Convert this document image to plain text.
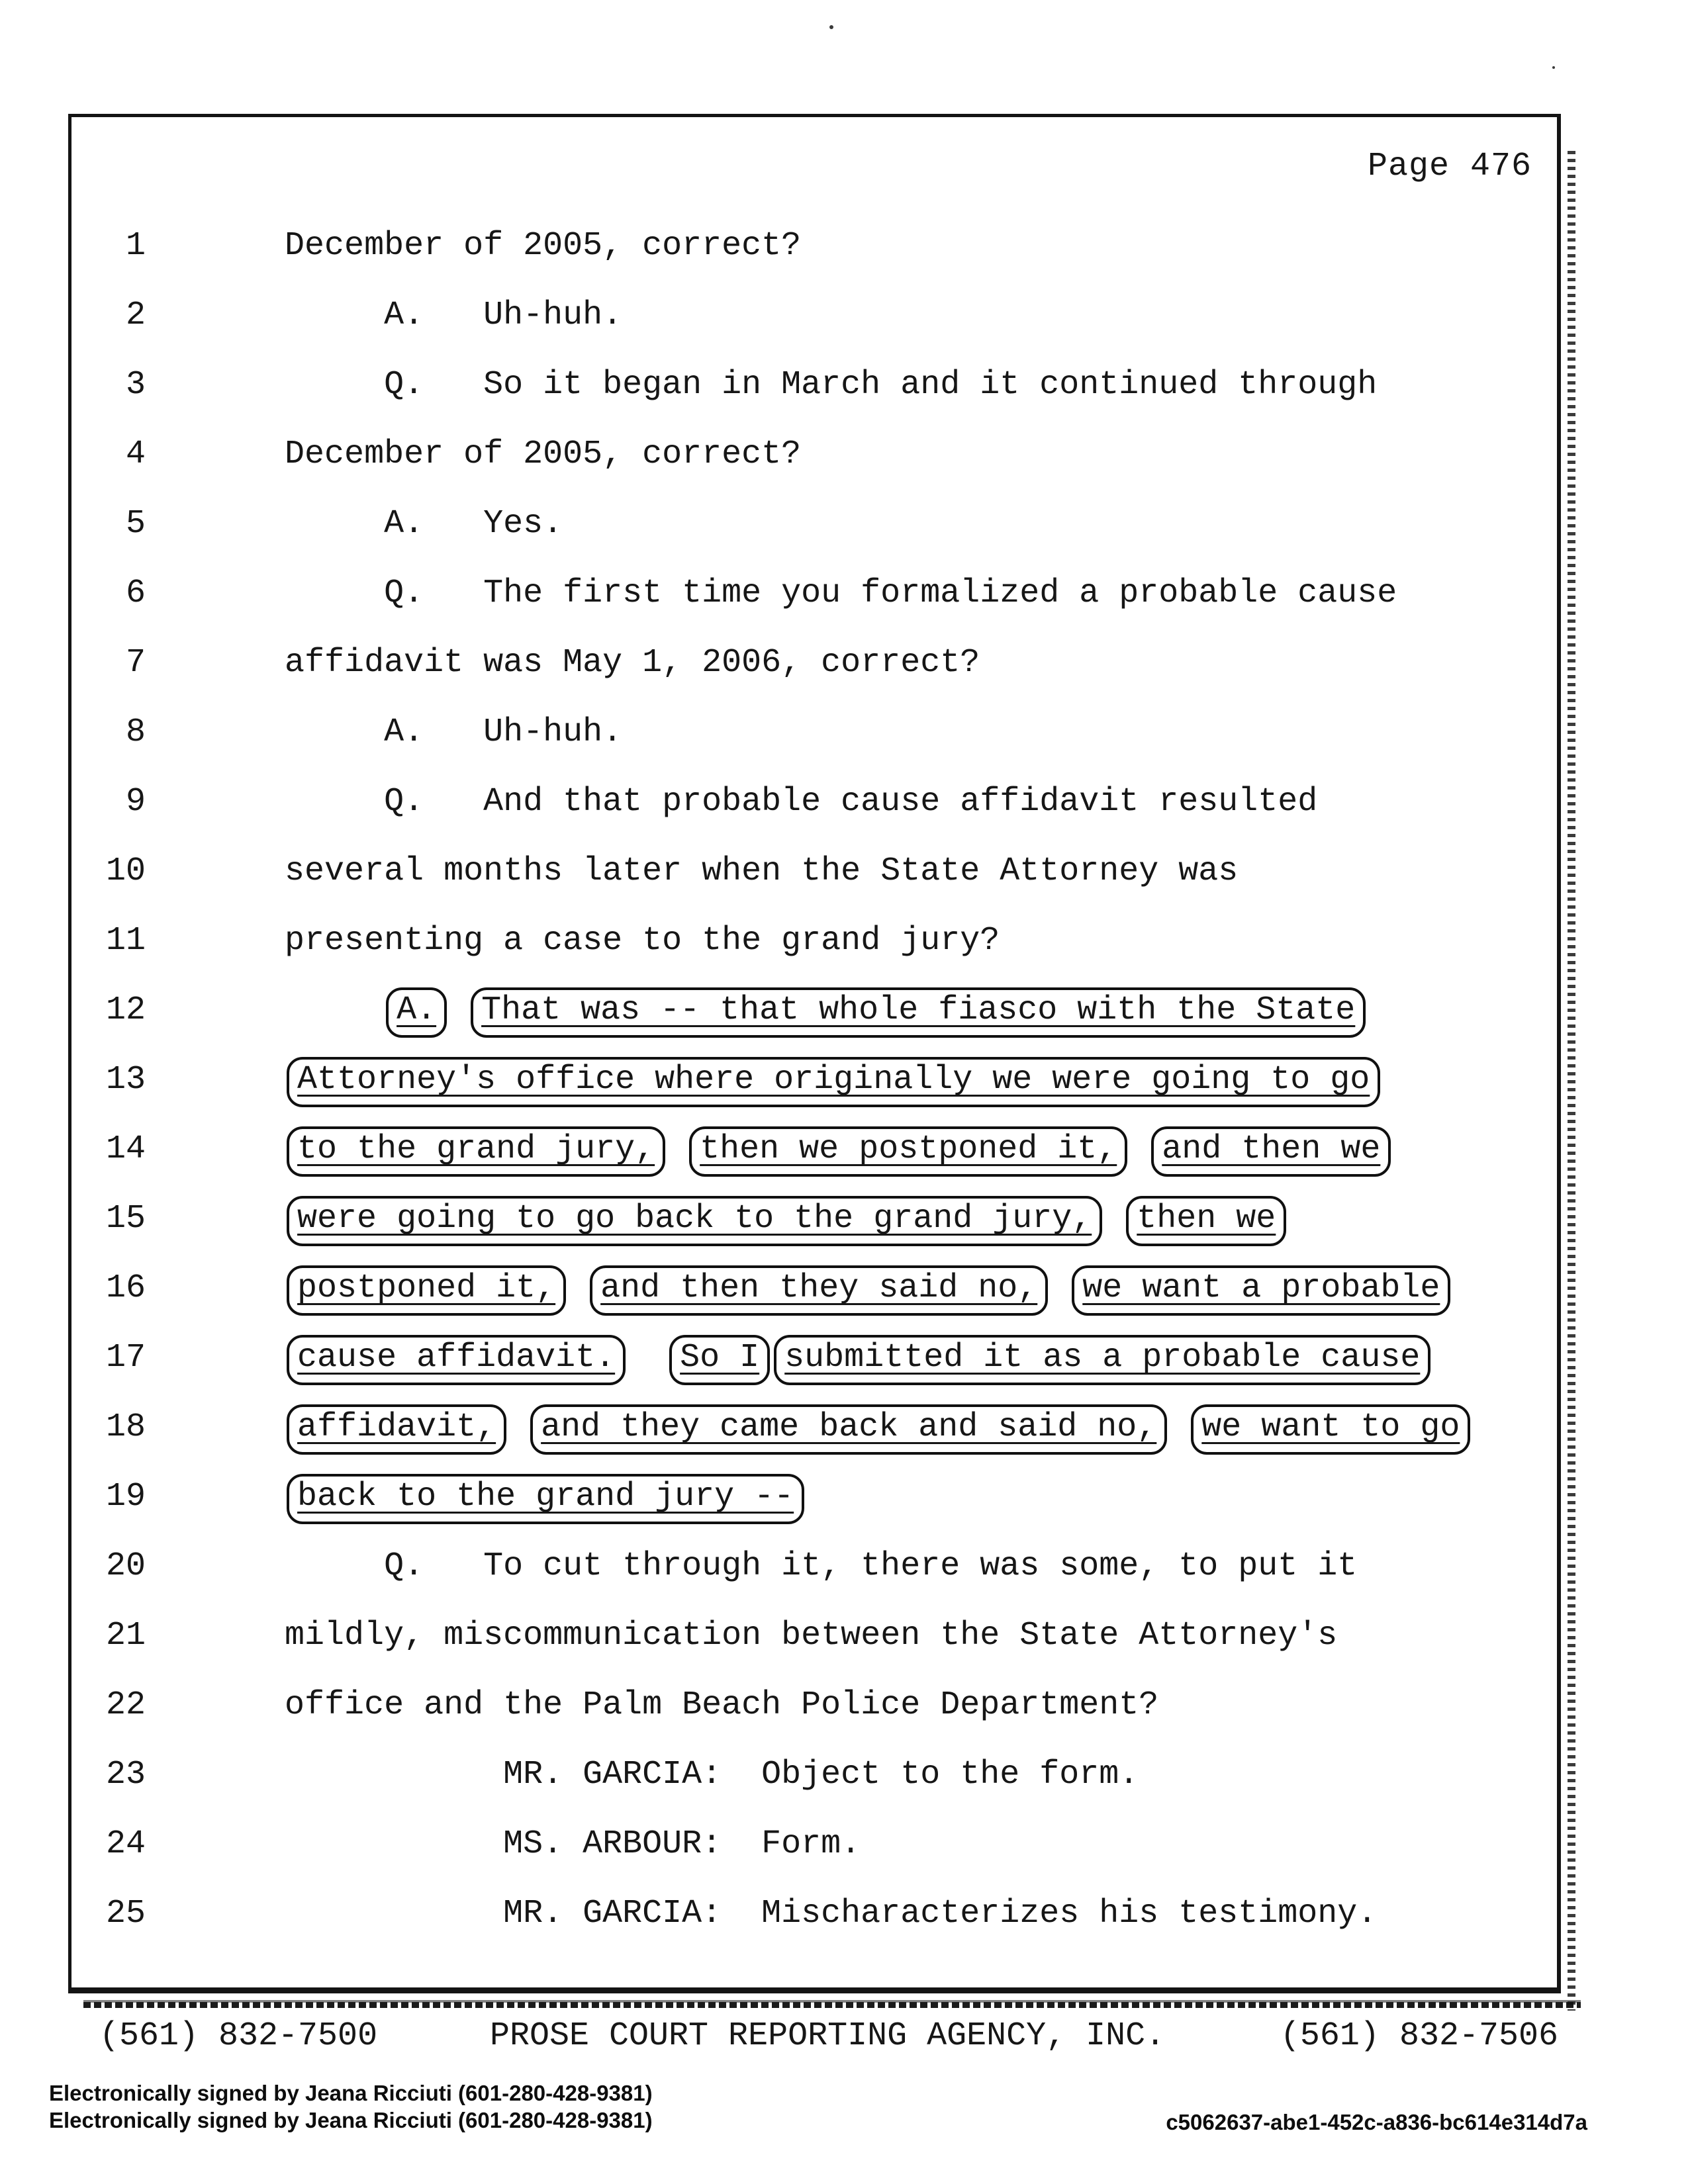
Page 476
1	December of 2005, correct?
2	A.   Uh-huh.
3	Q.   So it began in March and it continued through
4	December of 2005, correct?
5	A.   Yes.
6	Q.   The first time you formalized a probable cause
7	affidavit was May 1, 2006, correct?
8	A.   Uh-huh.
9	Q.   And that probable cause affidavit resulted
10	several months later when the State Attorney was
11	presenting a case to the grand jury?
12	A. That was -- that whole fiasco with the State
13	Attorney's office where originally we were going to go
14	to the grand jury, then we postponed it, and then we
15	were going to go back to the grand jury, then we
16	postponed it, and then they said no, we want a probable
17	cause affidavit. So I submitted it as a probable cause
18	affidavit, and they came back and said no, we want to go
19	back to the grand jury --
20	Q.   To cut through it, there was some, to put it
21	mildly, miscommunication between the State Attorney's
22	office and the Palm Beach Police Department?
23	MR. GARCIA:  Object to the form.
24	MS. ARBOUR:  Form.
25	MR. GARCIA:  Mischaracterizes his testimony.
(561) 832-7500	PROSE COURT REPORTING AGENCY, INC.	(561) 832-7506
Electronically signed by Jeana Ricciuti (601-280-428-9381)
Electronically signed by Jeana Ricciuti (601-280-428-9381)	c5062637-abe1-452c-a836-bc614e314d7a
